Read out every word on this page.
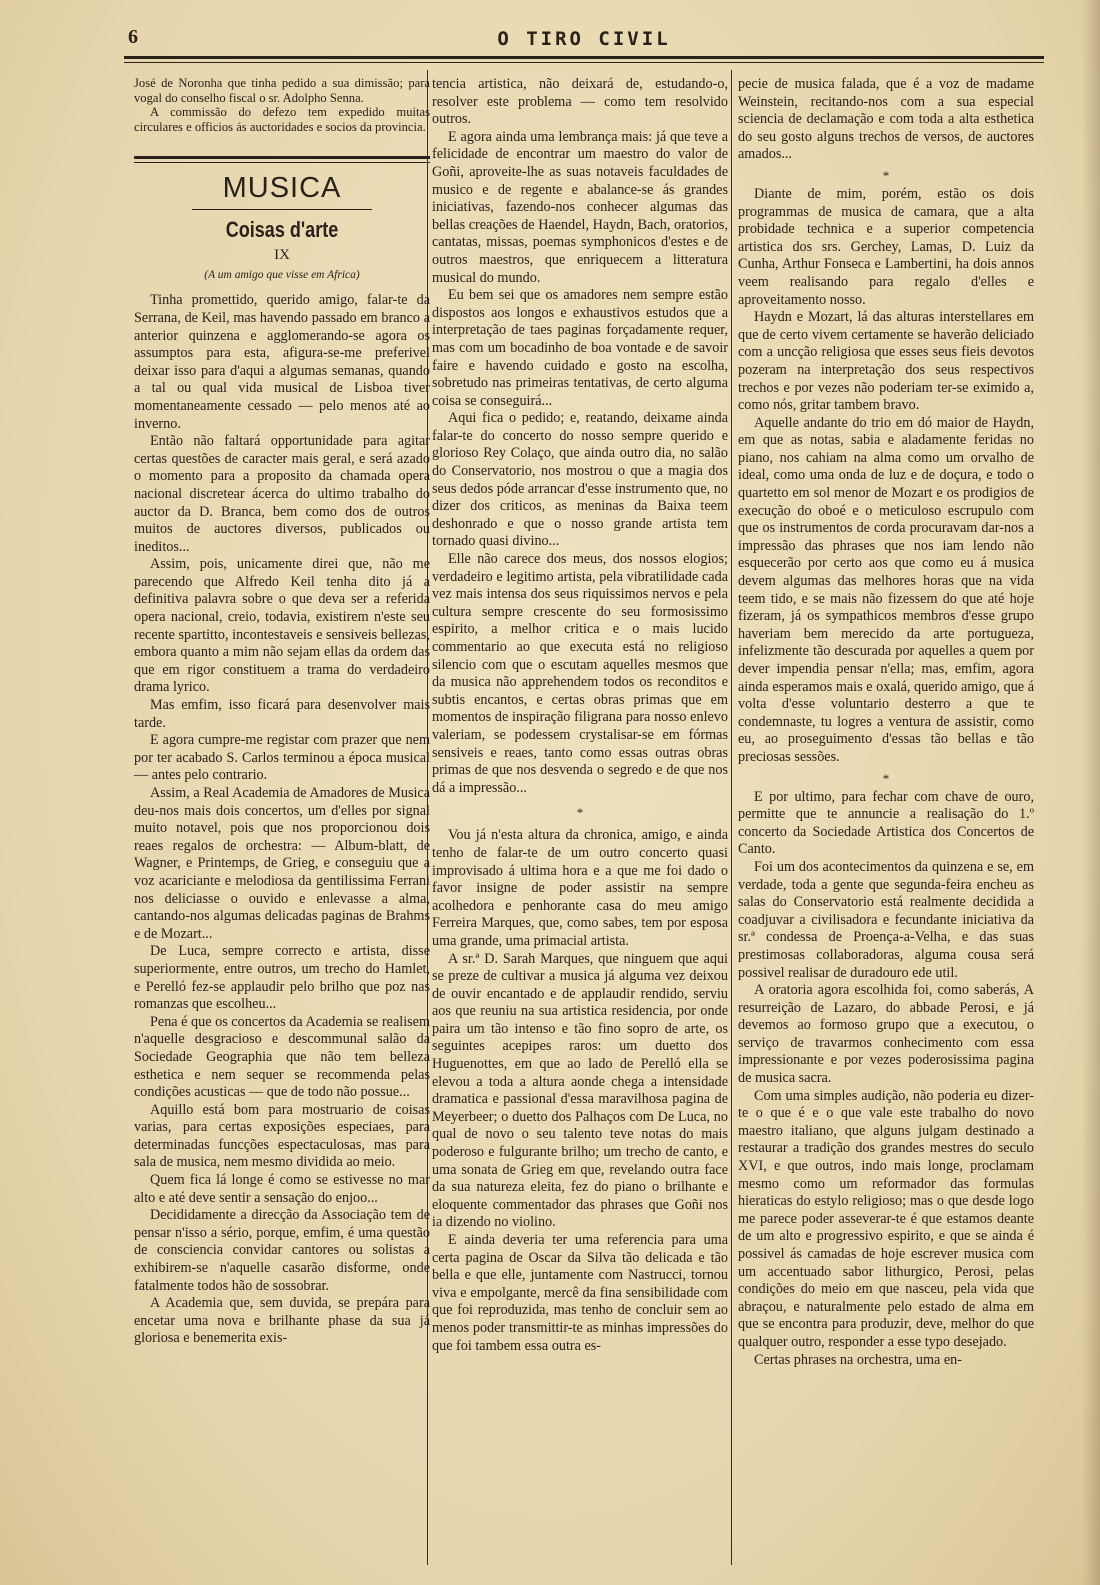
6	O TIRO CIVIL

José de Noronha que tinha pedido a sua dimissão; para vogal do conselho fiscal o sr. Adolpho Senna.

A commissão do defezo tem expedido muitas circulares e officios ás auctoridades e socios da provincia.

MUSICA
Coisas d'arte
IX
(A um amigo que visse em Africa)

Tinha promettido, querido amigo, falar-te da Serrana, de Keil, mas havendo passado em branco a anterior quinzena e agglomerando-se agora os assumptos para esta, afigura-se-me preferivel deixar isso para d'aqui a algumas semanas, quando a tal ou qual vida musical de Lisboa tiver momentaneamente cessado — pelo menos até ao inverno.

Então não faltará opportunidade para agitar certas questões de caracter mais geral, e será azado o momento para a proposito da chamada opera nacional discretear ácerca do ultimo trabalho do auctor da D. Branca, bem como dos de outros muitos de auctores diversos, publicados ou ineditos...

Assim, pois, unicamente direi que, não me parecendo que Alfredo Keil tenha dito já a definitiva palavra sobre o que deva ser a referida opera nacional, creio, todavia, existirem n'este seu recente spartitto, incontestaveis e sensiveis bellezas, embora quanto a mim não sejam ellas da ordem das que em rigor constituem a trama do verdadeiro drama lyrico.

Mas emfim, isso ficará para desenvolver mais tarde.

E agora cumpre-me registar com prazer que nem por ter acabado S. Carlos terminou a época musical — antes pelo contrario.

Assim, a Real Academia de Amadores de Musica deu-nos mais dois concertos, um d'elles por signal muito notavel, pois que nos proporcionou dois reaes regalos de orchestra: — Album-blatt, de Wagner, e Printemps, de Grieg, e conseguiu que a voz acariciante e melodiosa da gentilissima Ferrani nos deliciasse o ouvido e enlevasse a alma, cantando-nos algumas delicadas paginas de Brahms e de Mozart...

De Luca, sempre correcto e artista, disse superiormente, entre outros, um trecho do Hamlet, e Perelló fez-se applaudir pelo brilho que poz nas romanzas que escolheu...

Pena é que os concertos da Academia se realisem n'aquelle desgracioso e descommunal salão da Sociedade Geographia que não tem belleza esthetica e nem sequer se recommenda pelas condições acusticas — que de todo não possue...

Aquillo está bom para mostruario de coisas varias, para certas exposições especiaes, para determinadas funcções espectaculosas, mas para sala de musica, nem mesmo dividida ao meio.

Quem fica lá longe é como se estivesse no mar alto e até deve sentir a sensação do enjoo...

Decididamente a direcção da Associação tem de pensar n'isso a sério, porque, emfim, é uma questão de consciencia convidar cantores ou solistas a exhibirem-se n'aquelle casarão disforme, onde fatalmente todos hão de sossobrar.

A Academia que, sem duvida, se prepára para encetar uma nova e brilhante phase da sua já gloriosa e benemerita exis-

tencia artistica, não deixará de, estudando-o, resolver este problema — como tem resolvido outros.

E agora ainda uma lembrança mais: já que teve a felicidade de encontrar um maestro do valor de Goñi, aproveite-lhe as suas notaveis faculdades de musico e de regente e abalance-se ás grandes iniciativas, fazendo-nos conhecer algumas das bellas creações de Haendel, Haydn, Bach, oratorios, cantatas, missas, poemas symphonicos d'estes e de outros maestros, que enriquecem a litteratura musical do mundo.

Eu bem sei que os amadores nem sempre estão dispostos aos longos e exhaustivos estudos que a interpretação de taes paginas forçadamente requer, mas com um bocadinho de boa vontade e de savoir faire e havendo cuidado e gosto na escolha, sobretudo nas primeiras tentativas, de certo alguma coisa se conseguirá...

Aqui fica o pedido; e, reatando, deixame ainda falar-te do concerto do nosso sempre querido e glorioso Rey Colaço, que ainda outro dia, no salão do Conservatorio, nos mostrou o que a magia dos seus dedos póde arrancar d'esse instrumento que, no dizer dos criticos, as meninas da Baixa teem deshonrado e que o nosso grande artista tem tornado quasi divino...

Elle não carece dos meus, dos nossos elogios; verdadeiro e legitimo artista, pela vibratilidade cada vez mais intensa dos seus riquissimos nervos e pela cultura sempre crescente do seu formosissimo espirito, a melhor critica e o mais lucido commentario ao que executa está no religioso silencio com que o escutam aquelles mesmos que da musica não apprehendem todos os reconditos e subtis encantos, e certas obras primas que em momentos de inspiração filigrana para nosso enlevo valeriam, se podessem crystalisar-se em fórmas sensiveis e reaes, tanto como essas outras obras primas de que nos desvenda o segredo e de que nos dá a impressão...

*

Vou já n'esta altura da chronica, amigo, e ainda tenho de falar-te de um outro concerto quasi improvisado á ultima hora e a que me foi dado o favor insigne de poder assistir na sempre acolhedora e penhorante casa do meu amigo Ferreira Marques, que, como sabes, tem por esposa uma grande, uma primacial artista.

A sr.ª D. Sarah Marques, que ninguem que aqui se preze de cultivar a musica já alguma vez deixou de ouvir encantado e de applaudir rendido, serviu aos que reuniu na sua artistica residencia, por onde paira um tão intenso e tão fino sopro de arte, os seguintes acepipes raros: um duetto dos Huguenottes, em que ao lado de Perelló ella se elevou a toda a altura aonde chega a intensidade dramatica e passional d'essa maravilhosa pagina de Meyerbeer; o duetto dos Palhaços com De Luca, no qual de novo o seu talento teve notas do mais poderoso e fulgurante brilho; um trecho de canto, e uma sonata de Grieg em que, revelando outra face da sua natureza eleita, fez do piano o brilhante e eloquente commentador das phrases que Goñi nos ia dizendo no violino.

E ainda deveria ter uma referencia para uma certa pagina de Oscar da Silva tão delicada e tão bella e que elle, juntamente com Nastrucci, tornou viva e empolgante, mercê da fina sensibilidade com que foi reproduzida, mas tenho de concluir sem ao menos poder transmittir-te as minhas impressões do que foi tambem essa outra es-

pecie de musica falada, que é a voz de madame Weinstein, recitando-nos com a sua especial sciencia de declamação e com toda a alta esthetica do seu gosto alguns trechos de versos, de auctores amados...

*

Diante de mim, porém, estão os dois programmas de musica de camara, que a alta probidade technica e a superior competencia artistica dos srs. Gerchey, Lamas, D. Luiz da Cunha, Arthur Fonseca e Lambertini, ha dois annos veem realisando para regalo d'elles e aproveitamento nosso.

Haydn e Mozart, lá das alturas interstellares em que de certo vivem certamente se haverão deliciado com a uncção religiosa que esses seus fieis devotos pozeram na interpretação dos seus respectivos trechos e por vezes não poderiam ter-se eximido a, como nós, gritar tambem bravo.

Aquelle andante do trio em dó maior de Haydn, em que as notas, sabia e aladamente feridas no piano, nos cahiam na alma como um orvalho de ideal, como uma onda de luz e de doçura, e todo o quartetto em sol menor de Mozart e os prodigios de execução do oboé e o meticuloso escrupulo com que os instrumentos de corda procuravam dar-nos a impressão das phrases que nos iam lendo não esquecerão por certo aos que como eu á musica devem algumas das melhores horas que na vida teem tido, e se mais não fizessem do que até hoje fizeram, já os sympathicos membros d'esse grupo haveriam bem merecido da arte portugueza, infelizmente tão descurada por aquelles a quem por dever impendia pensar n'ella; mas, emfim, agora ainda esperamos mais e oxalá, querido amigo, que á volta d'esse voluntario desterro a que te condemnaste, tu logres a ventura de assistir, como eu, ao proseguimento d'essas tão bellas e tão preciosas sessões.

*

E por ultimo, para fechar com chave de ouro, permitte que te annuncie a realisação do 1.º concerto da Sociedade Artistica dos Concertos de Canto.

Foi um dos acontecimentos da quinzena e se, em verdade, toda a gente que segunda-feira encheu as salas do Conservatorio está realmente decidida a coadjuvar a civilisadora e fecundante iniciativa da sr.ª condessa de Proença-a-Velha, e das suas prestimosas collaboradoras, alguma cousa será possivel realisar de duradouro ede util.

A oratoria agora escolhida foi, como saberás, A resurreição de Lazaro, do abbade Perosi, e já devemos ao formoso grupo que a executou, o serviço de travarmos conhecimento com essa impressionante e por vezes poderosissima pagina de musica sacra.

Com uma simples audição, não poderia eu dizer-te o que é e o que vale este trabalho do novo maestro italiano, que alguns julgam destinado a restaurar a tradição dos grandes mestres do seculo XVI, e que outros, indo mais longe, proclamam mesmo como um reformador das formulas hieraticas do estylo religioso; mas o que desde logo me parece poder asseverar-te é que estamos deante de um alto e progressivo espirito, e que se ainda é possivel ás camadas de hoje escrever musica com um accentuado sabor lithurgico, Perosi, pelas condições do meio em que nasceu, pela vida que abraçou, e naturalmente pelo estado de alma em que se encontra para produzir, deve, melhor do que qualquer outro, responder a esse typo desejado.

Certas phrases na orchestra, uma en-
